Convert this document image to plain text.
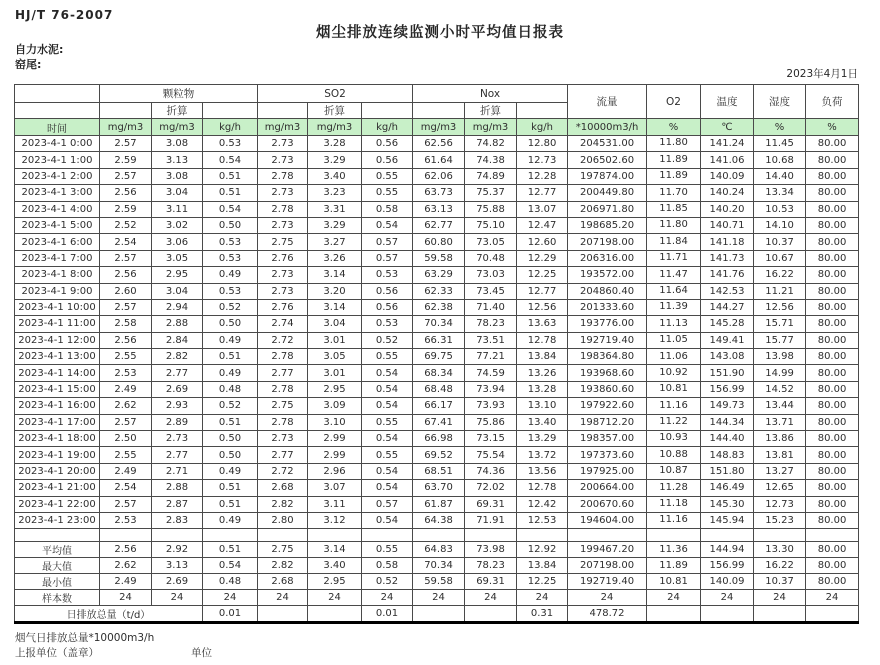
HJ/T 76-2007
烟尘排放连续监测小时平均值日报表
自力水泥:
窑尾:
2023年4月1日
	颗粒物			SO2			Nox			流量	O2	温度	湿度	负荷
		折算			折算			折算						
时间	mg/m3	mg/m3	kg/h	mg/m3	mg/m3	kg/h	mg/m3	mg/m3	kg/h	*10000m3/h	%	℃	%	%
2023-4-1 0:00	2.57	3.08	0.53	2.73	3.28	0.56	62.56	74.82	12.80	204531.00	11.80	141.24	11.45	80.00
2023-4-1 1:00	2.59	3.13	0.54	2.73	3.29	0.56	61.64	74.38	12.73	206502.60	11.89	141.06	10.68	80.00
2023-4-1 2:00	2.57	3.08	0.51	2.78	3.40	0.55	62.06	74.89	12.28	197874.00	11.89	140.09	14.40	80.00
2023-4-1 3:00	2.56	3.04	0.51	2.73	3.23	0.55	63.73	75.37	12.77	200449.80	11.70	140.24	13.34	80.00
2023-4-1 4:00	2.59	3.11	0.54	2.78	3.31	0.58	63.13	75.88	13.07	206971.80	11.85	140.20	10.53	80.00
2023-4-1 5:00	2.52	3.02	0.50	2.73	3.29	0.54	62.77	75.10	12.47	198685.20	11.80	140.71	14.10	80.00
2023-4-1 6:00	2.54	3.06	0.53	2.75	3.27	0.57	60.80	73.05	12.60	207198.00	11.84	141.18	10.37	80.00
2023-4-1 7:00	2.57	3.05	0.53	2.76	3.26	0.57	59.58	70.48	12.29	206316.00	11.71	141.73	10.67	80.00
2023-4-1 8:00	2.56	2.95	0.49	2.73	3.14	0.53	63.29	73.03	12.25	193572.00	11.47	141.76	16.22	80.00
2023-4-1 9:00	2.60	3.04	0.53	2.73	3.20	0.56	62.33	73.45	12.77	204860.40	11.64	142.53	11.21	80.00
2023-4-1 10:00	2.57	2.94	0.52	2.76	3.14	0.56	62.38	71.40	12.56	201333.60	11.39	144.27	12.56	80.00
2023-4-1 11:00	2.58	2.88	0.50	2.74	3.04	0.53	70.34	78.23	13.63	193776.00	11.13	145.28	15.71	80.00
2023-4-1 12:00	2.56	2.84	0.49	2.72	3.01	0.52	66.31	73.51	12.78	192719.40	11.05	149.41	15.77	80.00
2023-4-1 13:00	2.55	2.82	0.51	2.78	3.05	0.55	69.75	77.21	13.84	198364.80	11.06	143.08	13.98	80.00
2023-4-1 14:00	2.53	2.77	0.49	2.77	3.01	0.54	68.34	74.59	13.26	193968.60	10.92	151.90	14.99	80.00
2023-4-1 15:00	2.49	2.69	0.48	2.78	2.95	0.54	68.48	73.94	13.28	193860.60	10.81	156.99	14.52	80.00
2023-4-1 16:00	2.62	2.93	0.52	2.75	3.09	0.54	66.17	73.93	13.10	197922.60	11.16	149.73	13.44	80.00
2023-4-1 17:00	2.57	2.89	0.51	2.78	3.10	0.55	67.41	75.86	13.40	198712.20	11.22	144.34	13.71	80.00
2023-4-1 18:00	2.50	2.73	0.50	2.73	2.99	0.54	66.98	73.15	13.29	198357.00	10.93	144.40	13.86	80.00
2023-4-1 19:00	2.55	2.77	0.50	2.77	2.99	0.55	69.52	75.54	13.72	197373.60	10.88	148.83	13.81	80.00
2023-4-1 20:00	2.49	2.71	0.49	2.72	2.96	0.54	68.51	74.36	13.56	197925.00	10.87	151.80	13.27	80.00
2023-4-1 21:00	2.54	2.88	0.51	2.68	3.07	0.54	63.70	72.02	12.78	200664.00	11.28	146.49	12.65	80.00
2023-4-1 22:00	2.57	2.87	0.51	2.82	3.11	0.57	61.87	69.31	12.42	200670.60	11.18	145.30	12.73	80.00
2023-4-1 23:00	2.53	2.83	0.49	2.80	3.12	0.54	64.38	71.91	12.53	194604.00	11.16	145.94	15.23	80.00

平均值	2.56	2.92	0.51	2.75	3.14	0.55	64.83	73.98	12.92	199467.20	11.36	144.94	13.30	80.00
最大值	2.62	3.13	0.54	2.82	3.40	0.58	70.34	78.23	13.84	207198.00	11.89	156.99	16.22	80.00
最小值	2.49	2.69	0.48	2.68	2.95	0.52	59.58	69.31	12.25	192719.40	10.81	140.09	10.37	80.00
样本数	24	24	24	24	24	24	24	24	24	24	24	24	24	24
日排放总量（t/d）			0.01			0.01			0.31	478.72				
烟气日排放总量*10000m3/h
上报单位（盖章）	单位
